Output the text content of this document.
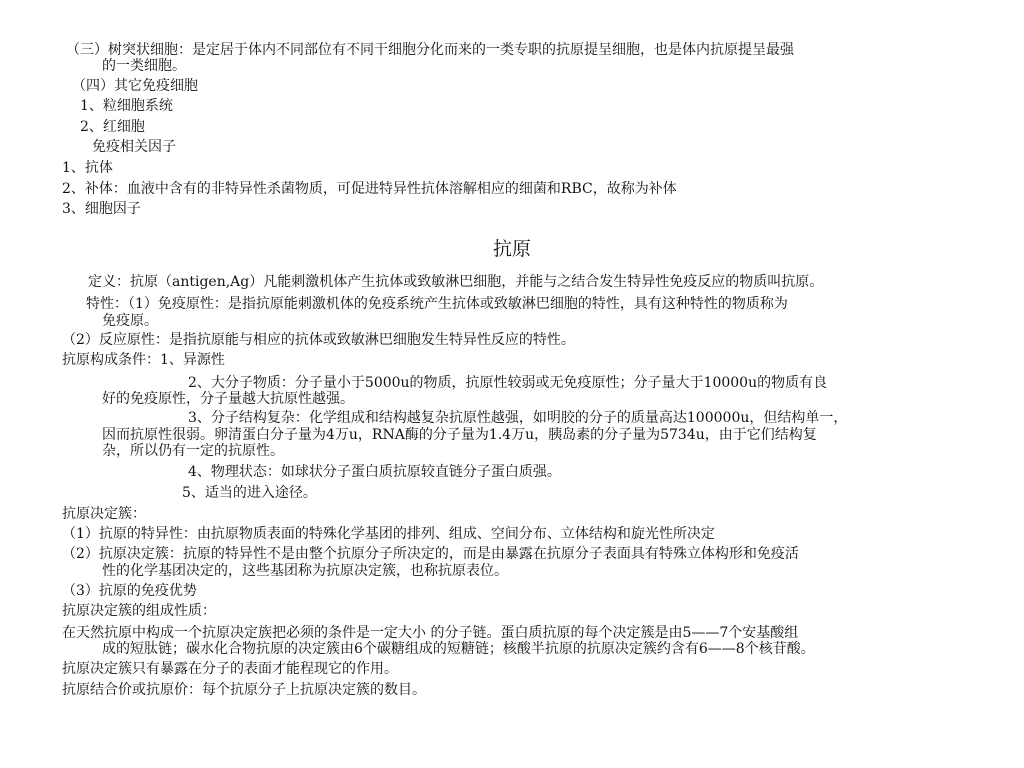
（三）树突状细胞：是定居于体内不同部位有不同干细胞分化而来的一类专职的抗原提呈细胞，也是体内抗原提呈最强
的一类细胞。
（四）其它免疫细胞
1、粒细胞系统
2、红细胞
免疫相关因子
1、抗体
2、补体：血液中含有的非特异性杀菌物质，可促进特异性抗体溶解相应的细菌和RBC，故称为补体
3、细胞因子
抗原
定义：抗原（antigen,Ag）凡能刺激机体产生抗体或致敏淋巴细胞，并能与之结合发生特异性免疫反应的物质叫抗原。
特性：（1）免疫原性：是指抗原能刺激机体的免疫系统产生抗体或致敏淋巴细胞的特性，具有这种特性的物质称为
免疫原。
（2）反应原性：是指抗原能与相应的抗体或致敏淋巴细胞发生特异性反应的特性。
抗原构成条件：1、异源性
2、大分子物质：分子量小于5000u的物质，抗原性较弱或无免疫原性；分子量大于10000u的物质有良
好的免疫原性，分子量越大抗原性越强。
3、分子结构复杂：化学组成和结构越复杂抗原性越强，如明胶的分子的质量高达100000u，但结构单一，
因而抗原性很弱。卵清蛋白分子量为4万u，RNA酶的分子量为1.4万u，胰岛素的分子量为5734u，由于它们结构复
杂，所以仍有一定的抗原性。
4、物理状态：如球状分子蛋白质抗原较直链分子蛋白质强。
5、适当的进入途径。
抗原决定簇：
（1）抗原的特异性：由抗原物质表面的特殊化学基团的排列、组成、空间分布、立体结构和旋光性所决定
（2）抗原决定簇：抗原的特异性不是由整个抗原分子所决定的，而是由暴露在抗原分子表面具有特殊立体构形和免疫活
性的化学基团决定的，这些基团称为抗原决定簇，也称抗原表位。
（3）抗原的免疫优势
抗原决定簇的组成性质：
在天然抗原中构成一个抗原决定族把必须的条件是一定大小 的分子链。蛋白质抗原的每个决定簇是由5——7个安基酸组
成的短肽链；碳水化合物抗原的决定簇由6个碳糖组成的短糖链；核酸半抗原的抗原决定簇约含有6——8个核苷酸。
抗原决定簇只有暴露在分子的表面才能程现它的作用。
抗原结合价或抗原价：每个抗原分子上抗原决定簇的数目。
